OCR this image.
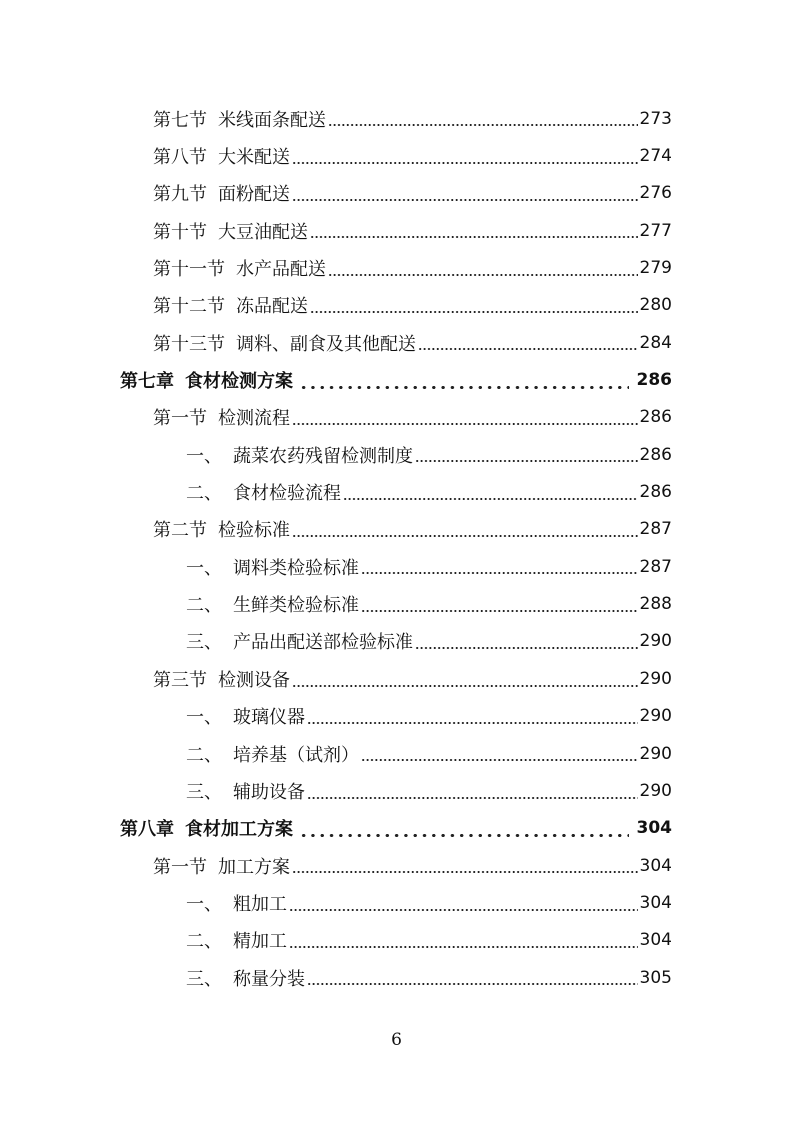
第七节 米线面条配送	273
第八节 大米配送	274
第九节 面粉配送	276
第十节 大豆油配送	277
第十一节 水产品配送	279
第十二节 冻品配送	280
第十三节 调料、副食及其他配送	284
第七章 食材检测方案	286
第一节 检测流程	286
一、 蔬菜农药残留检测制度	286
二、 食材检验流程	286
第二节 检验标准	287
一、 调料类检验标准	287
二、 生鲜类检验标准	288
三、 产品出配送部检验标准	290
第三节 检测设备	290
一、 玻璃仪器	290
二、 培养基（试剂）	290
三、 辅助设备	290
第八章 食材加工方案	304
第一节 加工方案	304
一、 粗加工	304
二、 精加工	304
三、 称量分装	305
6
